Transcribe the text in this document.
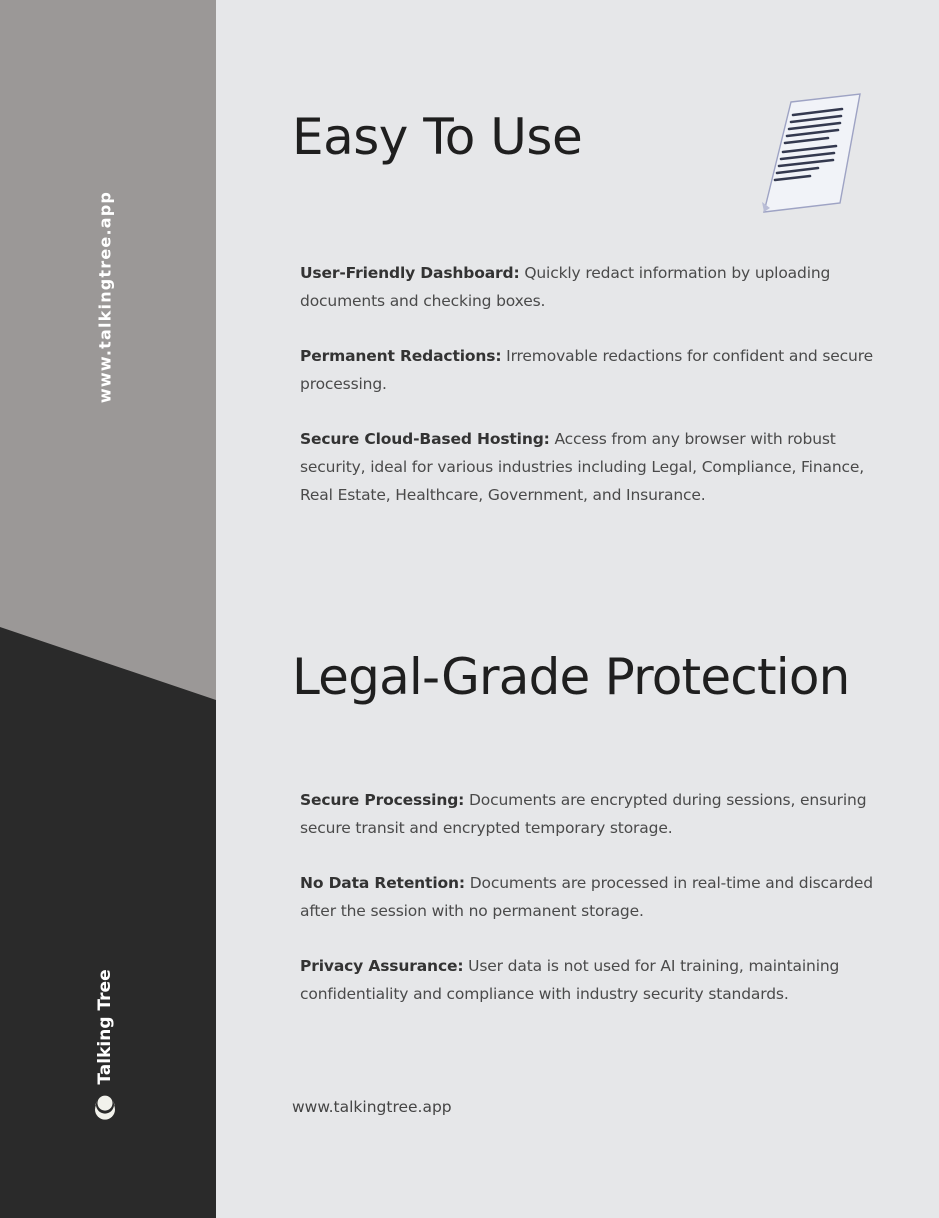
www.talkingtree.app
Talking Tree
Easy To Use
User-Friendly Dashboard: Quickly redact information by uploading documents and checking boxes.
Permanent Redactions: Irremovable redactions for confident and secure processing.
Secure Cloud-Based Hosting: Access from any browser with robust security, ideal for various industries including Legal, Compliance, Finance, Real Estate, Healthcare, Government, and Insurance.
Legal-Grade Protection
Secure Processing: Documents are encrypted during sessions, ensuring secure transit and encrypted temporary storage.
No Data Retention: Documents are processed in real-time and discarded after the session with no permanent storage.
Privacy Assurance: User data is not used for AI training, maintaining confidentiality and compliance with industry security standards.
www.talkingtree.app
